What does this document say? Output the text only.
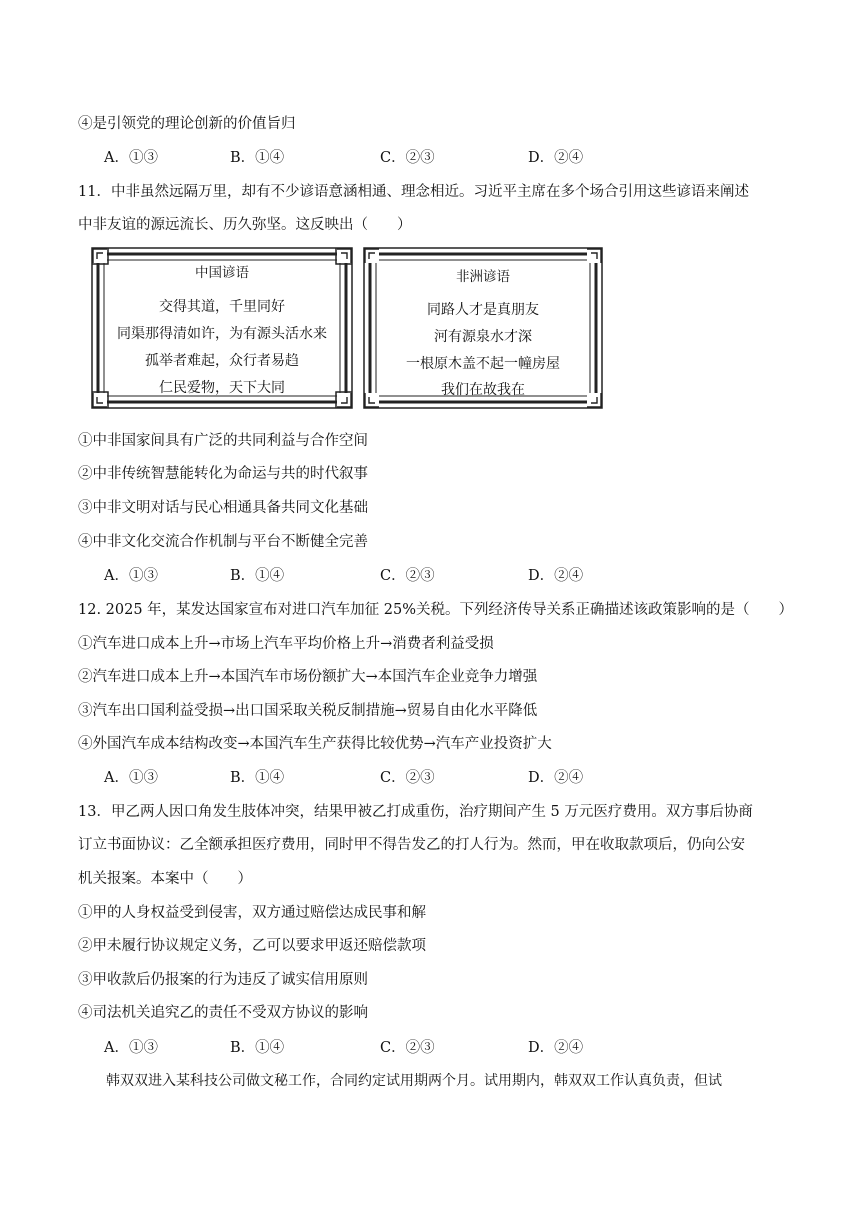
④是引领党的理论创新的价值旨归
A．①③	B．①④	C．②③	D．②④
11．中非虽然远隔万里，却有不少谚语意涵相通、理念相近。习近平主席在多个场合引用这些谚语来阐述
中非友谊的源远流长、历久弥坚。这反映出（　　）
中国谚语
交得其道，千里同好
同渠那得清如许，为有源头活水来
孤举者难起，众行者易趋
仁民爱物，天下大同
非洲谚语
同路人才是真朋友
河有源泉水才深
一根原木盖不起一幢房屋
我们在故我在
①中非国家间具有广泛的共同利益与合作空间
②中非传统智慧能转化为命运与共的时代叙事
③中非文明对话与民心相通具备共同文化基础
④中非文化交流合作机制与平台不断健全完善
A．①③	B．①④	C．②③	D．②④
12. 2025 年，某发达国家宣布对进口汽车加征 25%关税。下列经济传导关系正确描述该政策影响的是（　　）
①汽车进口成本上升→市场上汽车平均价格上升→消费者利益受损
②汽车进口成本上升→本国汽车市场份额扩大→本国汽车企业竞争力增强
③汽车出口国利益受损→出口国采取关税反制措施→贸易自由化水平降低
④外国汽车成本结构改变→本国汽车生产获得比较优势→汽车产业投资扩大
A．①③	B．①④	C．②③	D．②④
13．甲乙两人因口角发生肢体冲突，结果甲被乙打成重伤，治疗期间产生 5 万元医疗费用。双方事后协商
订立书面协议：乙全额承担医疗费用，同时甲不得告发乙的打人行为。然而，甲在收取款项后，仍向公安
机关报案。本案中（　　）
①甲的人身权益受到侵害，双方通过赔偿达成民事和解
②甲未履行协议规定义务，乙可以要求甲返还赔偿款项
③甲收款后仍报案的行为违反了诚实信用原则
④司法机关追究乙的责任不受双方协议的影响
A．①③	B．①④	C．②③	D．②④
韩双双进入某科技公司做文秘工作，合同约定试用期两个月。试用期内，韩双双工作认真负责，但试
